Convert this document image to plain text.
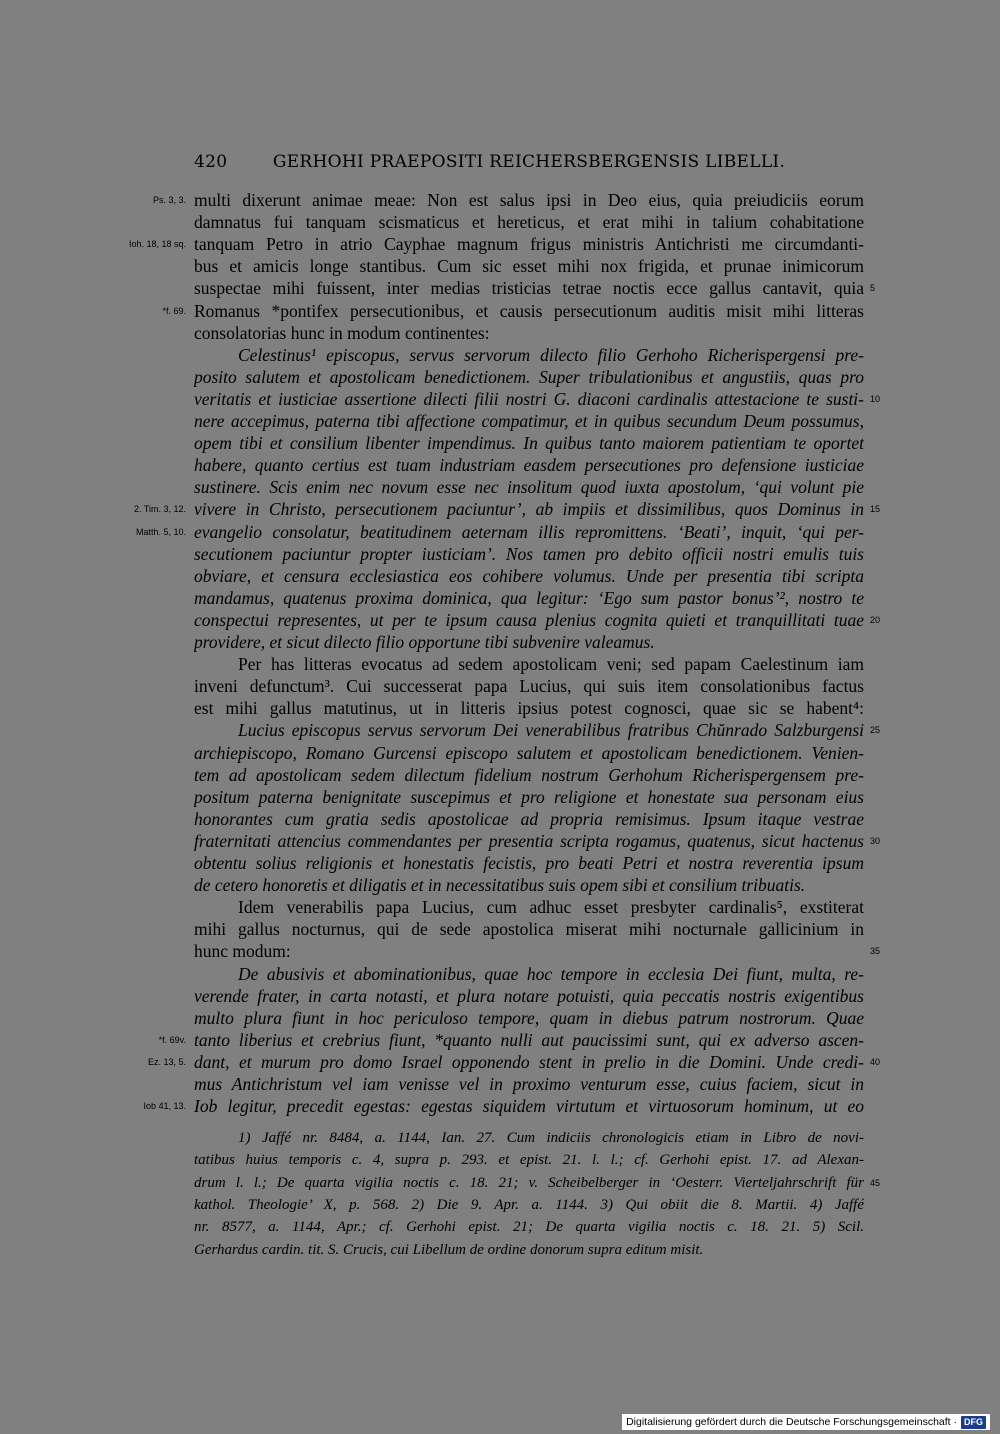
420	GERHOHI PRAEPOSITI REICHERSBERGENSIS LIBELLI.
multi dixerunt animae meae: Non est salus ipsi in Deo eius, quia preiudiciis eorum
Ps. 3, 3.
damnatus fui tanquam scismaticus et hereticus, et erat mihi in talium cohabitatione
tanquam Petro in atrio Cayphae magnum frigus ministris Antichristi me circumdanti-
Ioh. 18, 18 sq.
bus et amicis longe stantibus. Cum sic esset mihi nox frigida, et prunae inimicorum
suspectae mihi fuissent, inter medias tristicias tetrae noctis ecce gallus cantavit, quia 5
Romanus *pontifex persecutionibus, et causis persecutionum auditis misit mihi litteras
*f. 69.
consolatorias hunc in modum continentes:
Celestinus¹ episcopus, servus servorum dilecto filio Gerhoho Richerispergensi pre-
posito salutem et apostolicam benedictionem. Super tribulationibus et angustiis, quas pro
veritatis et iusticiae assertione dilecti filii nostri G. diaconi cardinalis attestacione te susti- 10
nere accepimus, paterna tibi affectione compatimur, et in quibus secundum Deum possumus,
opem tibi et consilium libenter impendimus. In quibus tanto maiorem patientiam te oportet
habere, quanto certius est tuam industriam easdem persecutiones pro defensione iusticiae
sustinere. Scis enim nec novum esse nec insolitum quod iuxta apostolum, ‘qui volunt pie
vivere in Christo, persecutionem paciuntur’, ab impiis et dissimilibus, quos Dominus in
2. Tim. 3, 12.	15
evangelio consolatur, beatitudinem aeternam illis repromittens. ‘Beati’, inquit, ‘qui per-
Matth. 5, 10.
secutionem paciuntur propter iusticiam’. Nos tamen pro debito officii nostri emulis tuis
obviare, et censura ecclesiastica eos cohibere volumus. Unde per presentia tibi scripta
mandamus, quatenus proxima dominica, qua legitur: ‘Ego sum pastor bonus’², nostro te
conspectui representes, ut per te ipsum causa plenius cognita quieti et tranquillitati tuae 20
providere, et sicut dilecto filio opportune tibi subvenire valeamus.
Per has litteras evocatus ad sedem apostolicam veni; sed papam Caelestinum iam
inveni defunctum³. Cui successerat papa Lucius, qui suis item consolationibus factus
est mihi gallus matutinus, ut in litteris ipsius potest cognosci, quae sic se habent⁴:
Lucius episcopus servus servorum Dei venerabilibus fratribus Chŭnrado Salzburgensi 25
archiepiscopo, Romano Gurcensi episcopo salutem et apostolicam benedictionem. Venien-
tem ad apostolicam sedem dilectum fidelium nostrum Gerhohum Richerispergensem pre-
positum paterna benignitate suscepimus et pro religione et honestate sua personam eius
honorantes cum gratia sedis apostolicae ad propria remisimus. Ipsum itaque vestrae
fraternitati attencius commendantes per presentia scripta rogamus, quatenus, sicut hactenus 30
obtentu solius religionis et honestatis fecistis, pro beati Petri et nostra reverentia ipsum
de cetero honoretis et diligatis et in necessitatibus suis opem sibi et consilium tribuatis.
Idem venerabilis papa Lucius, cum adhuc esset presbyter cardinalis⁵, exstiterat
mihi gallus nocturnus, qui de sede apostolica miserat mihi nocturnale gallicinium in
hunc modum:	35
De abusivis et abominationibus, quae hoc tempore in ecclesia Dei fiunt, multa, re-
verende frater, in carta notasti, et plura notare potuisti, quia peccatis nostris exigentibus
multo plura fiunt in hoc periculoso tempore, quam in diebus patrum nostrorum. Quae
tanto liberius et crebrius fiunt, *quanto nulli aut paucissimi sunt, qui ex adverso ascen-
*f. 69v.
dant, et murum pro domo Israel opponendo stent in prelio in die Domini. Unde credi-
Ez. 13, 5.	40
mus Antichristum vel iam venisse vel in proximo venturum esse, cuius faciem, sicut in
Iob legitur, precedit egestas: egestas siquidem virtutum et virtuosorum hominum, ut eo
Iob 41, 13.
1) Jaffé nr. 8484, a. 1144, Ian. 27. Cum indiciis chronologicis etiam in Libro de novi-
tatibus huius temporis c. 4, supra p. 293. et epist. 21. l. l.; cf. Gerhohi epist. 17. ad Alexan-
drum l. l.; De quarta vigilia noctis c. 18. 21; v. Scheibelberger in ‘Oesterr. Vierteljahrschrift für 45
kathol. Theologie’ X, p. 568. 2) Die 9. Apr. a. 1144. 3) Qui obiit die 8. Martii. 4) Jaffé
nr. 8577, a. 1144, Apr.; cf. Gerhohi epist. 21; De quarta vigilia noctis c. 18. 21. 5) Scil.
Gerhardus cardin. tit. S. Crucis, cui Libellum de ordine donorum supra editum misit.
Digitalisierung gefördert durch die Deutsche Forschungsgemeinschaft · DFG
